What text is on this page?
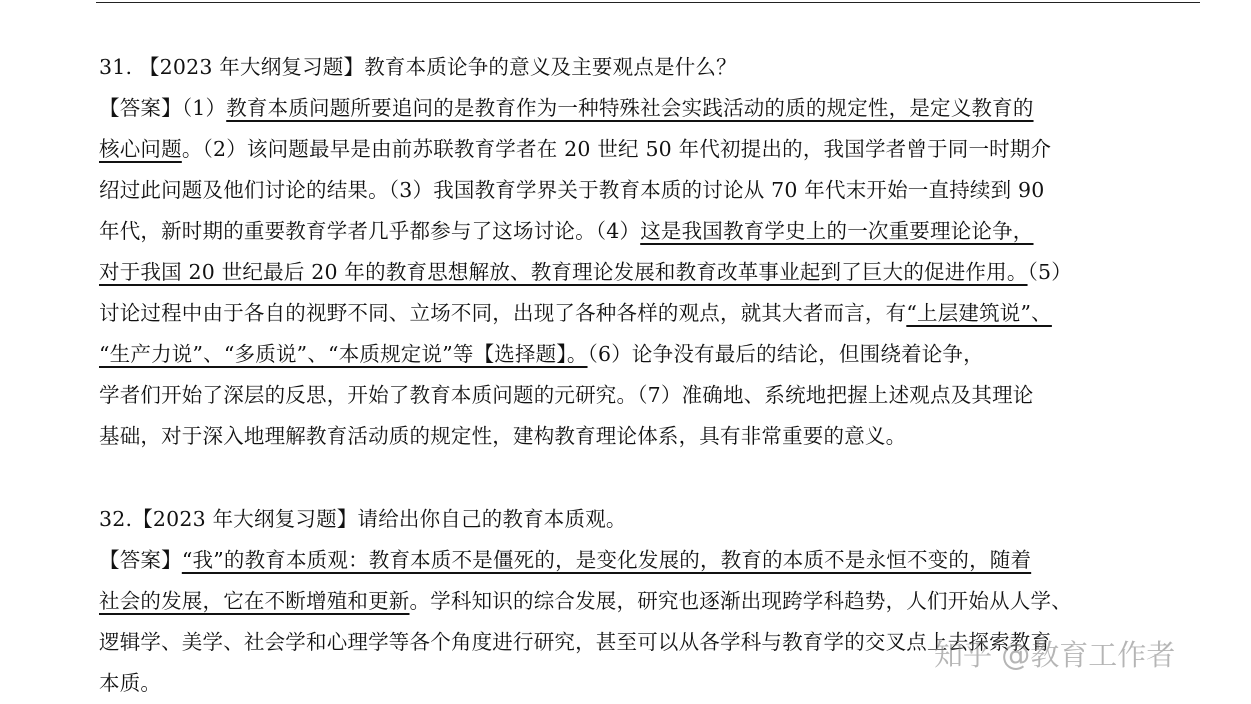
31. 【2023 年大纲复习题】教育本质论争的意义及主要观点是什么？
【答案】（1）教育本质问题所要追问的是教育作为一种特殊社会实践活动的质的规定性，是定义教育的
核心问题。（2）该问题最早是由前苏联教育学者在 20 世纪 50 年代初提出的，我国学者曾于同一时期介
绍过此问题及他们讨论的结果。（3）我国教育学界关于教育本质的讨论从 70 年代末开始一直持续到 90
年代，新时期的重要教育学者几乎都参与了这场讨论。（4）这是我国教育学史上的一次重要理论论争，
对于我国 20 世纪最后 20 年的教育思想解放、教育理论发展和教育改革事业起到了巨大的促进作用。（5）
讨论过程中由于各自的视野不同、立场不同，出现了各种各样的观点，就其大者而言，有“上层建筑说”、
“生产力说”、“多质说”、“本质规定说”等【选择题】。（6）论争没有最后的结论，但围绕着论争，
学者们开始了深层的反思，开始了教育本质问题的元研究。（7）准确地、系统地把握上述观点及其理论
基础，对于深入地理解教育活动质的规定性，建构教育理论体系，具有非常重要的意义。
32.【2023 年大纲复习题】请给出你自己的教育本质观。
【答案】“我”的教育本质观：教育本质不是僵死的，是变化发展的，教育的本质不是永恒不变的，随着
社会的发展，它在不断增殖和更新。学科知识的综合发展，研究也逐渐出现跨学科趋势，人们开始从人学、
逻辑学、美学、社会学和心理学等各个角度进行研究，甚至可以从各学科与教育学的交叉点上去探索教育
本质。
知乎 @教育工作者
